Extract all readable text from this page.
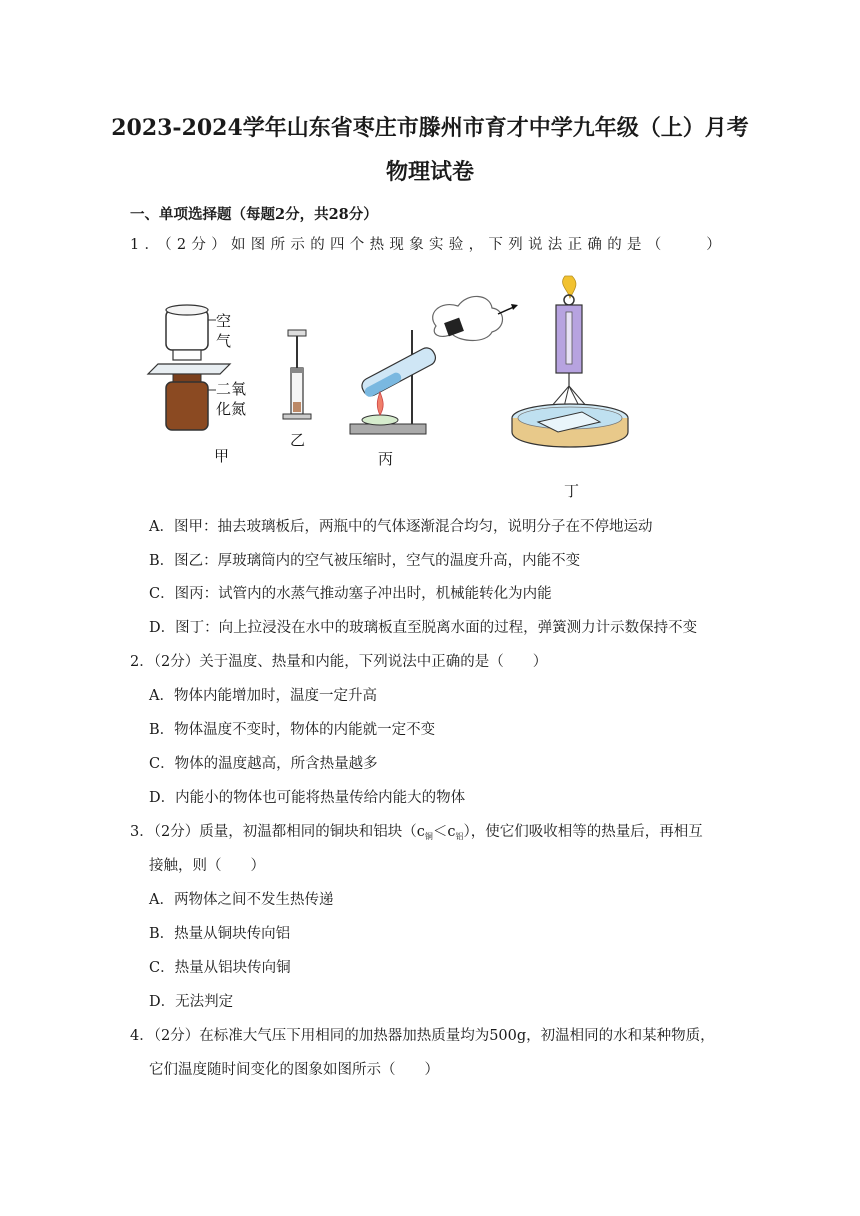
2023-2024学年山东省枣庄市滕州市育才中学九年级（上）月考
物理试卷
一、单项选择题（每题2分，共28分）
1．（2分）如图所示的四个热现象实验，下列说法正确的是（　　）
空
气
二氧
化氮
甲
乙
丙
丁
A．图甲：抽去玻璃板后，两瓶中的气体逐渐混合均匀，说明分子在不停地运动
B．图乙：厚玻璃筒内的空气被压缩时，空气的温度升高，内能不变
C．图丙：试管内的水蒸气推动塞子冲出时，机械能转化为内能
D．图丁：向上拉浸没在水中的玻璃板直至脱离水面的过程，弹簧测力计示数保持不变
2．（2分）关于温度、热量和内能，下列说法中正确的是（　　）
A．物体内能增加时，温度一定升高
B．物体温度不变时，物体的内能就一定不变
C．物体的温度越高，所含热量越多
D．内能小的物体也可能将热量传给内能大的物体
3．（2分）质量，初温都相同的铜块和铝块$(c_铜<c_铝)$，使它们吸收相等的热量后，再相互
接触，则（　　）
A．两物体之间不发生热传递
B．热量从铜块传向铝
C．热量从铝块传向铜
D．无法判定
4．（2分）在标准大气压下用相同的加热器加热质量均为500g，初温相同的水和某种物质，
它们温度随时间变化的图象如图所示（　　）
